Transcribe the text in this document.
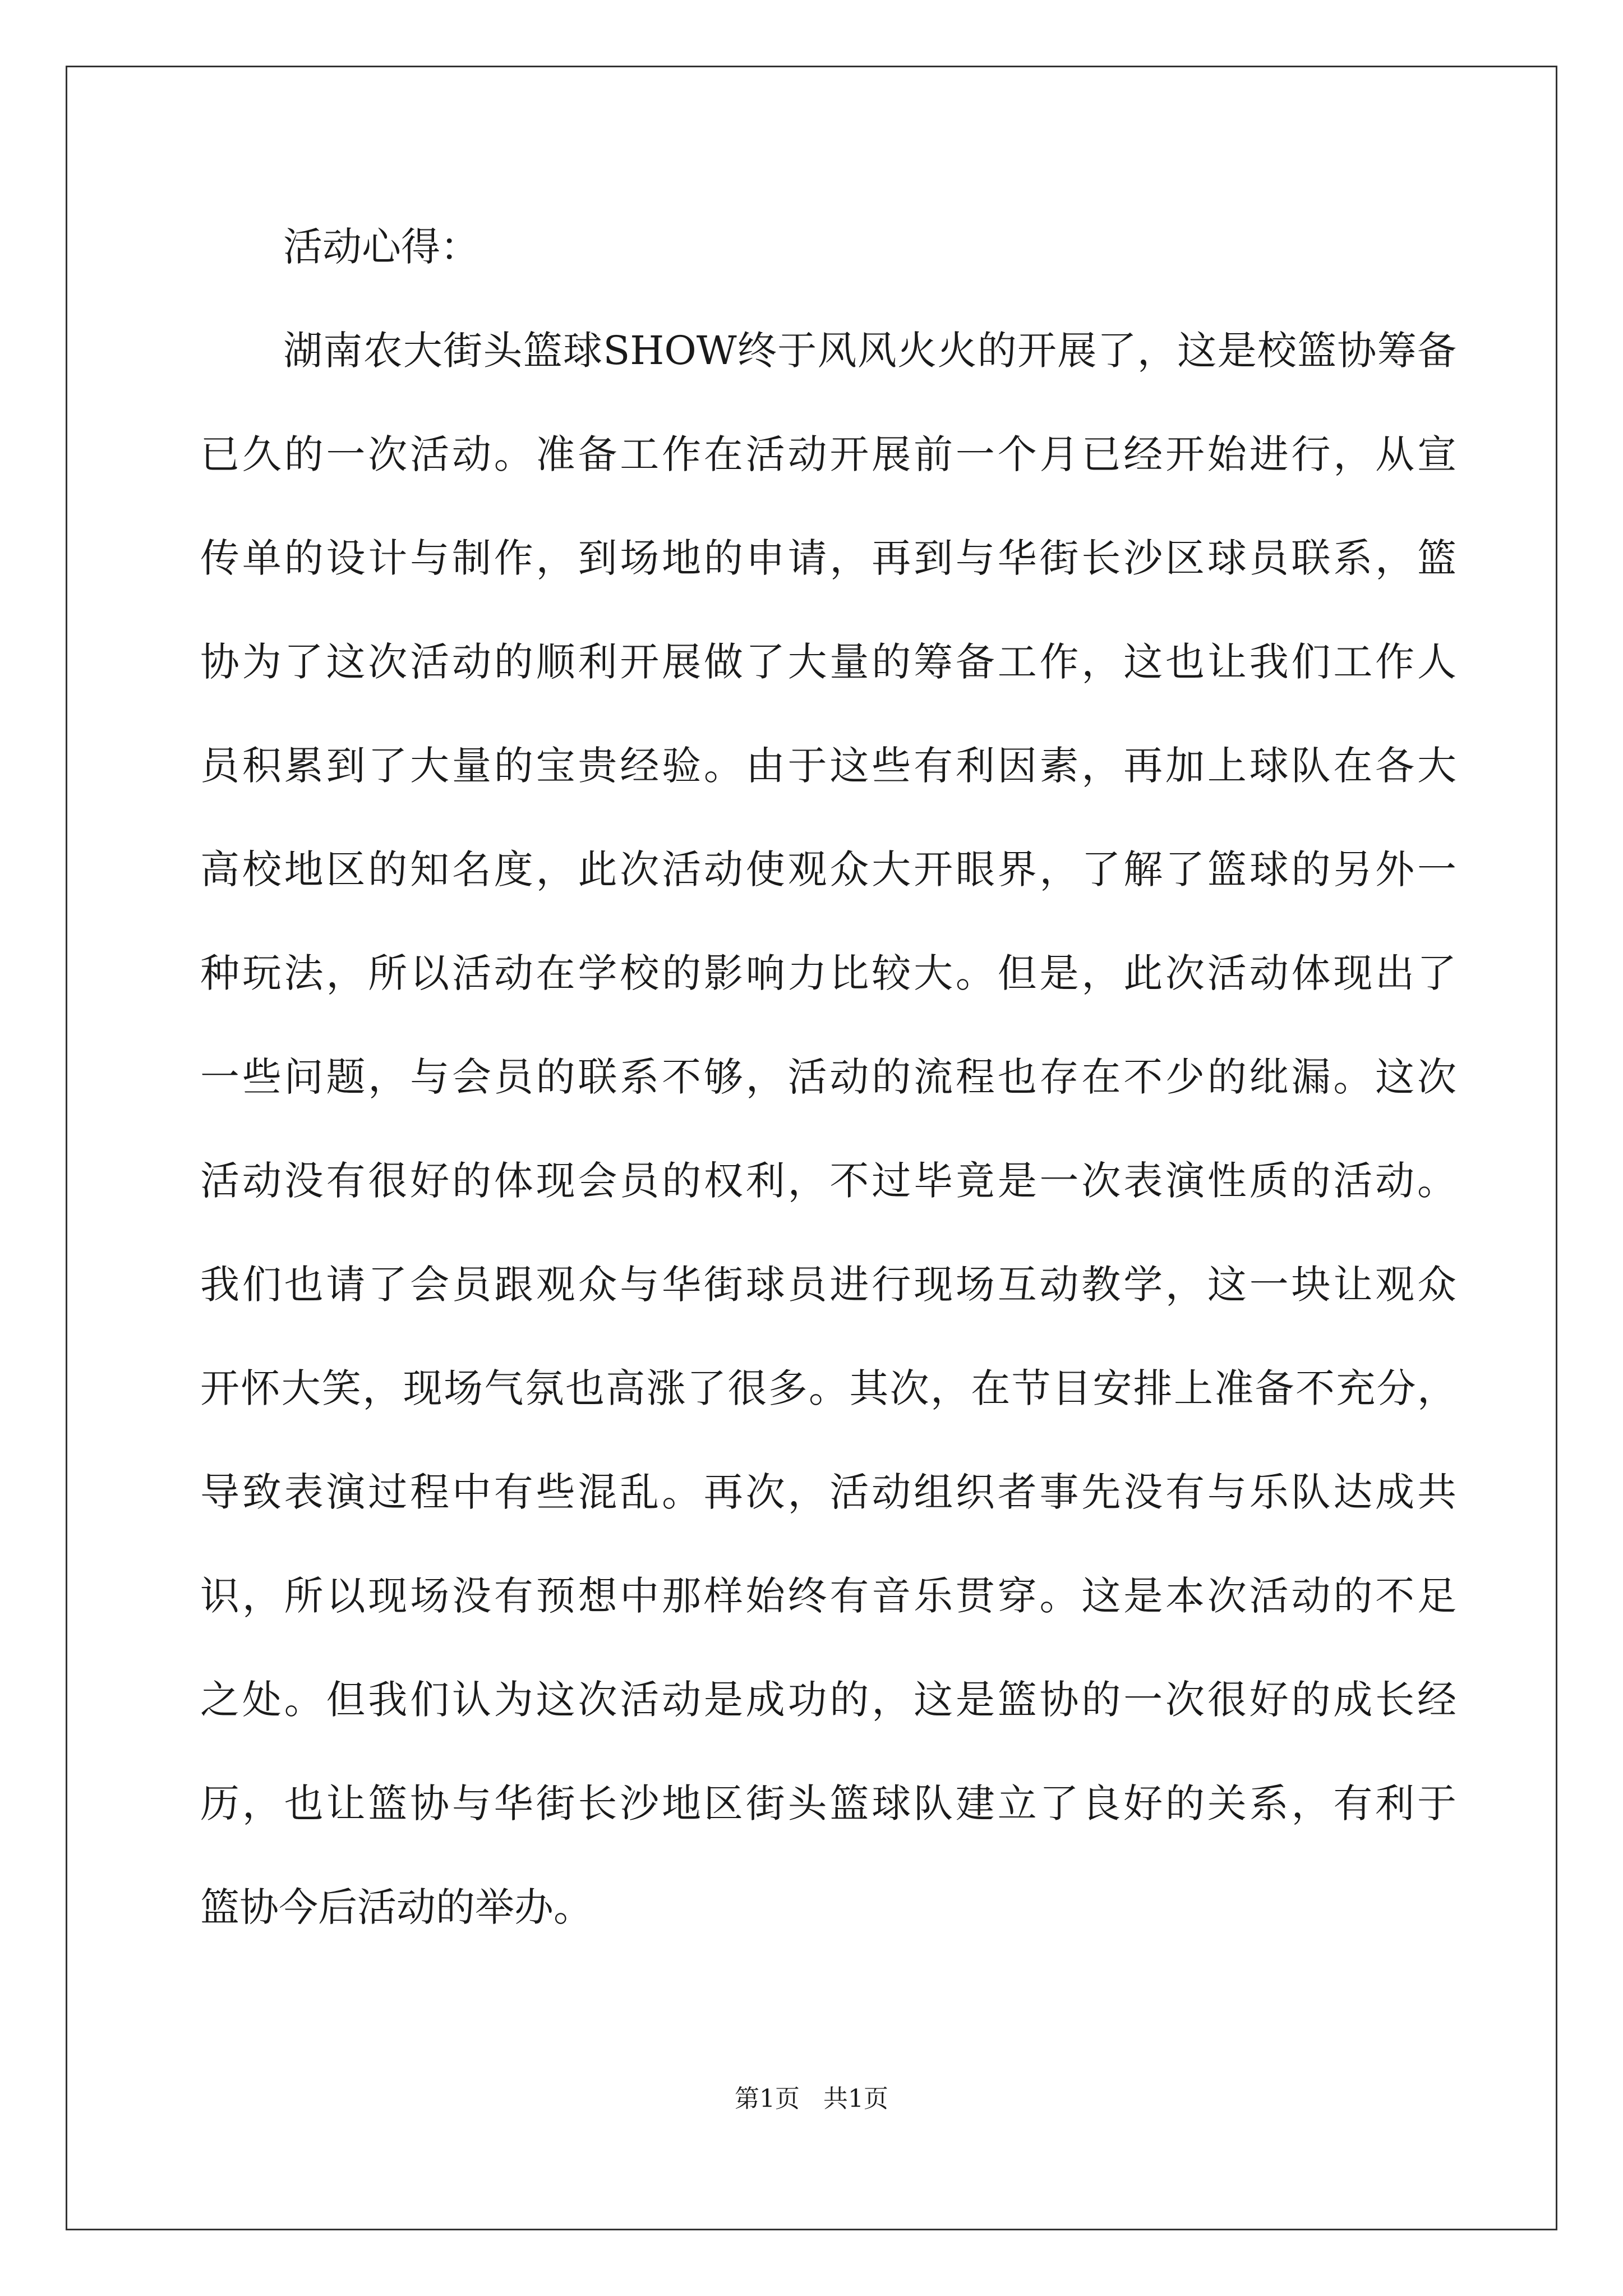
活动心得：
湖南农大街头篮球SHOW终于风风火火的开展了，这是校篮协筹备
已久的一次活动。准备工作在活动开展前一个月已经开始进行，从宣
传单的设计与制作，到场地的申请，再到与华街长沙区球员联系，篮
协为了这次活动的顺利开展做了大量的筹备工作，这也让我们工作人
员积累到了大量的宝贵经验。由于这些有利因素，再加上球队在各大
高校地区的知名度，此次活动使观众大开眼界，了解了篮球的另外一
种玩法，所以活动在学校的影响力比较大。但是，此次活动体现出了
一些问题，与会员的联系不够，活动的流程也存在不少的纰漏。这次
活动没有很好的体现会员的权利，不过毕竟是一次表演性质的活动。
我们也请了会员跟观众与华街球员进行现场互动教学，这一块让观众
开怀大笑，现场气氛也高涨了很多。其次，在节目安排上准备不充分，
导致表演过程中有些混乱。再次，活动组织者事先没有与乐队达成共
识，所以现场没有预想中那样始终有音乐贯穿。这是本次活动的不足
之处。但我们认为这次活动是成功的，这是篮协的一次很好的成长经
历，也让篮协与华街长沙地区街头篮球队建立了良好的关系，有利于
篮协今后活动的举办。
第1页   共1页
